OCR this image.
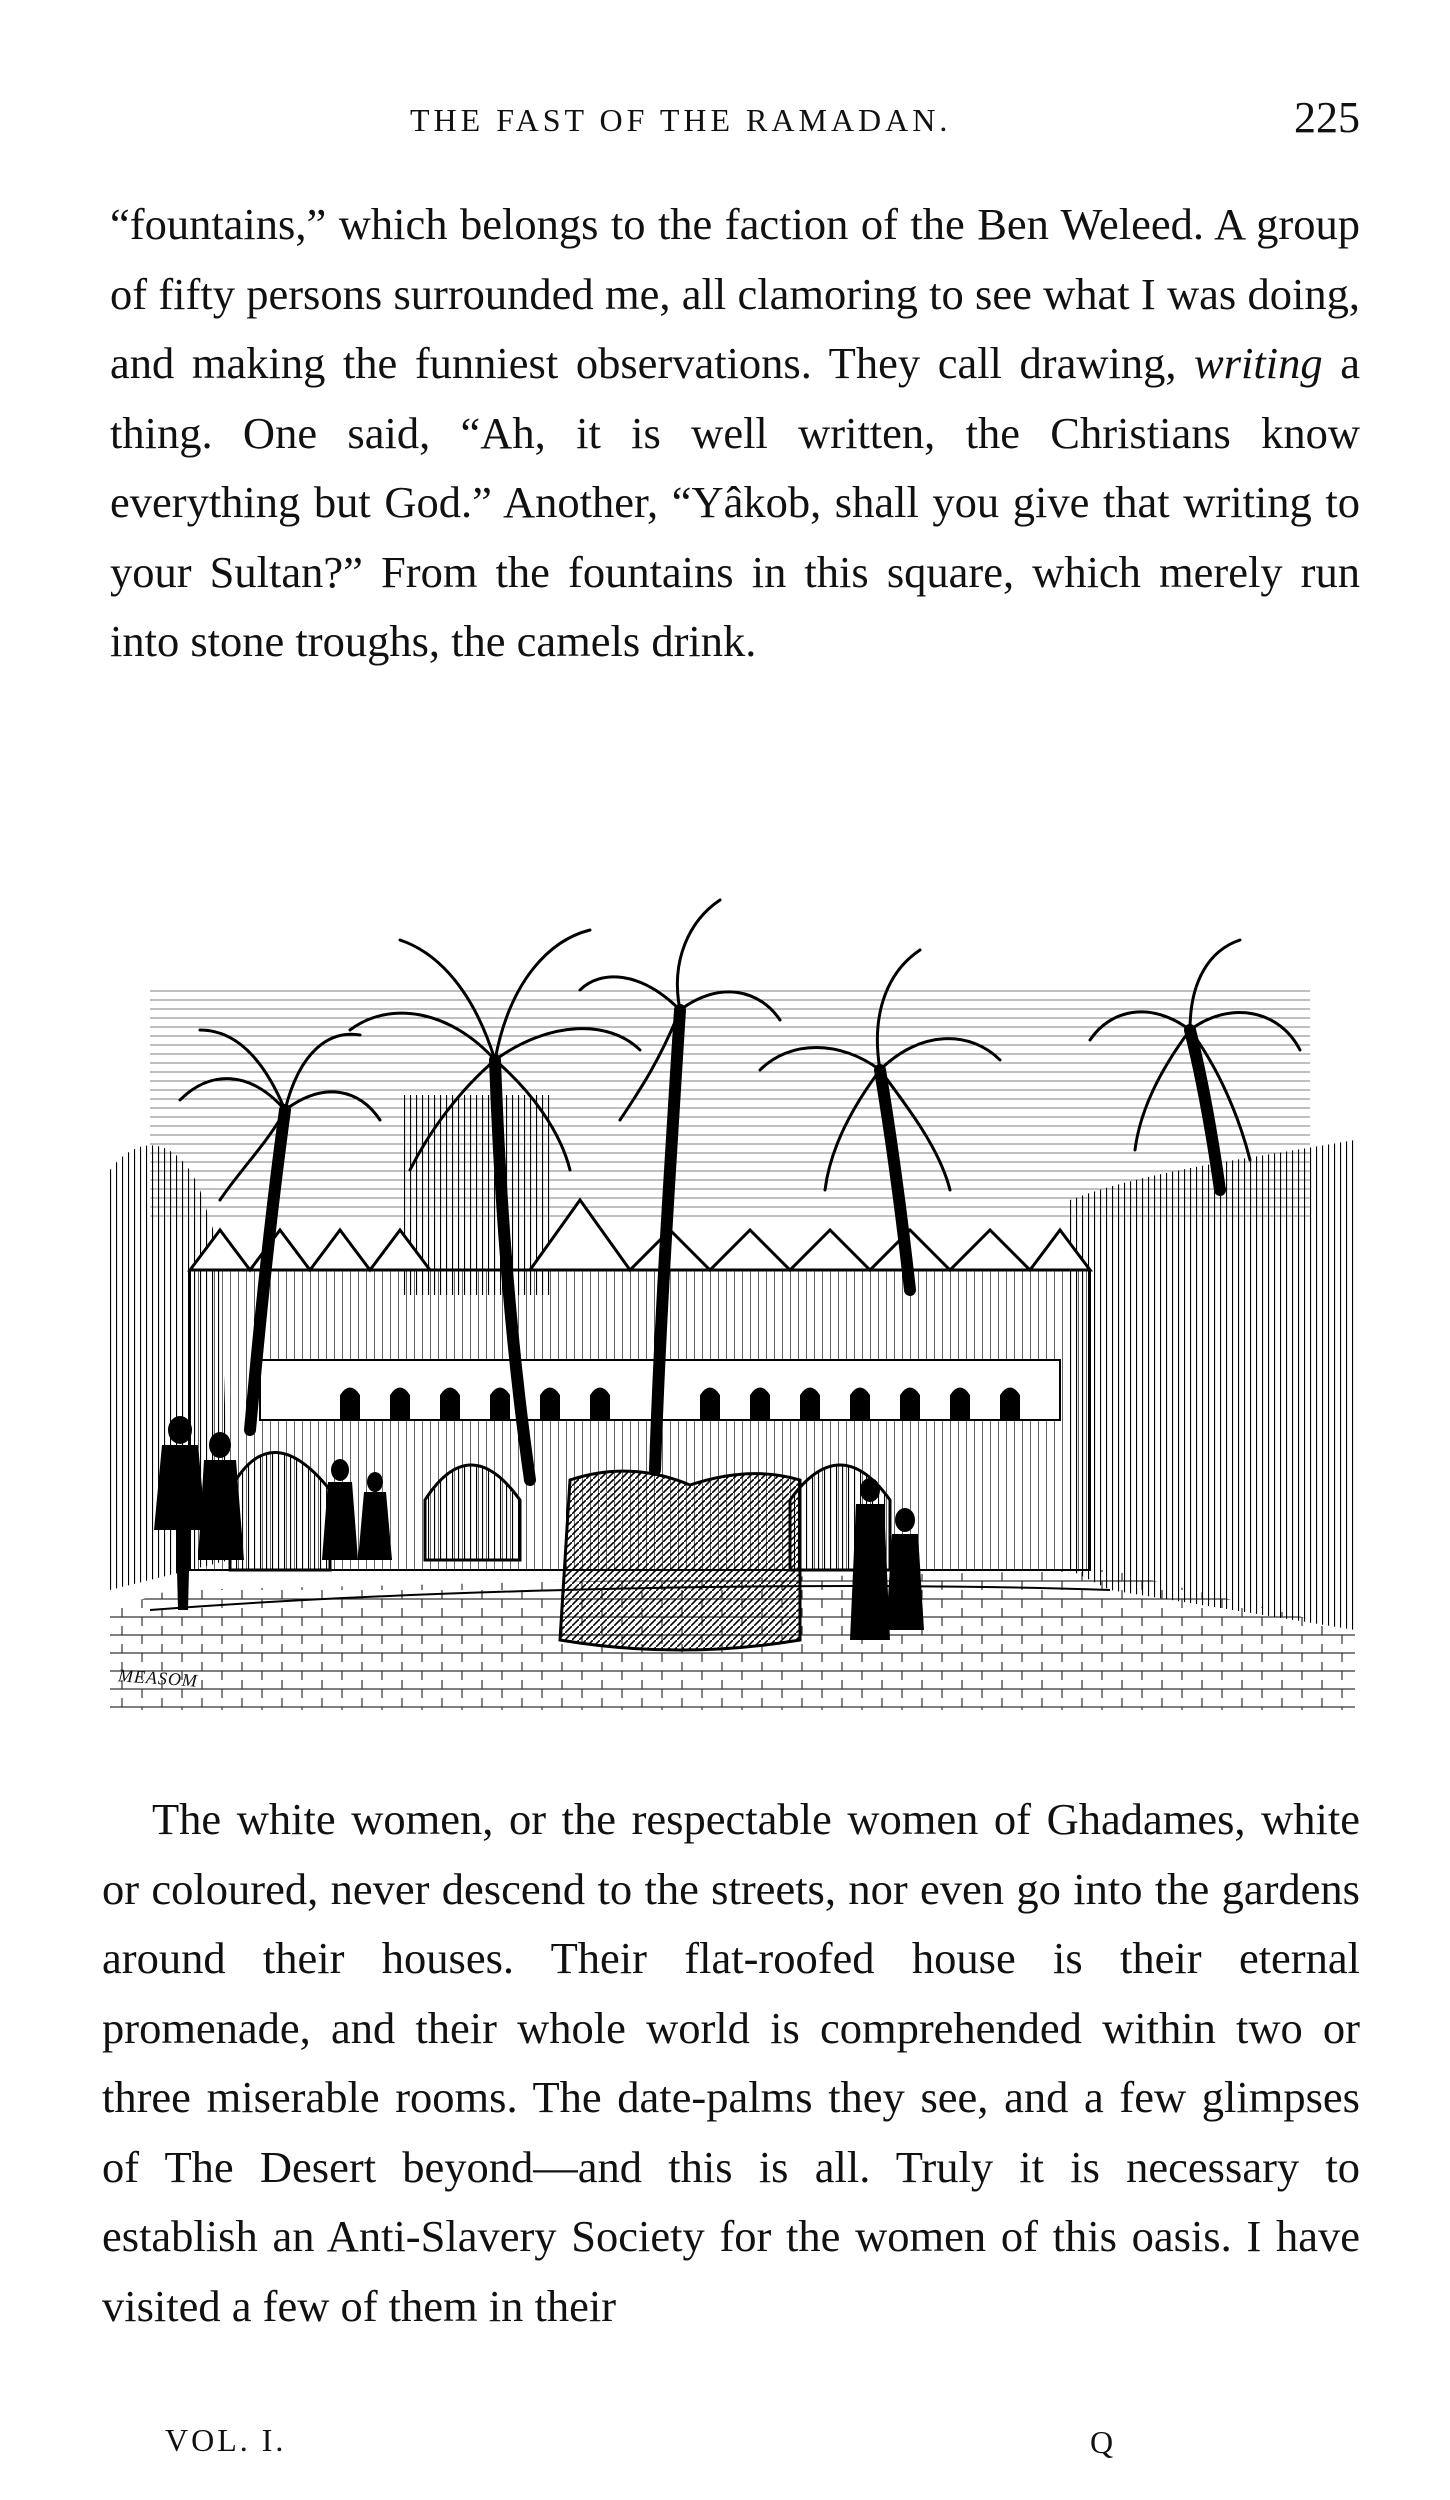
THE FAST OF THE RAMADAN.	225

“fountains,” which belongs to the faction of the Ben Weleed. A group of fifty persons surrounded me, all clamoring to see what I was doing, and making the funniest observations. They call drawing, writing a thing. One said, “Ah, it is well written, the Christians know everything but God.” Another, “Yâkob, shall you give that writing to your Sultan?” From the fountains in this square, which merely run into stone troughs, the camels drink.

MEASOM

The white women, or the respectable women of Ghadames, white or coloured, never descend to the streets, nor even go into the gardens around their houses. Their flat-roofed house is their eternal promenade, and their whole world is comprehended within two or three miserable rooms. The date-palms they see, and a few glimpses of The Desert beyond—and this is all. Truly it is necessary to establish an Anti-Slavery Society for the women of this oasis. I have visited a few of them in their

VOL. I.	Q
